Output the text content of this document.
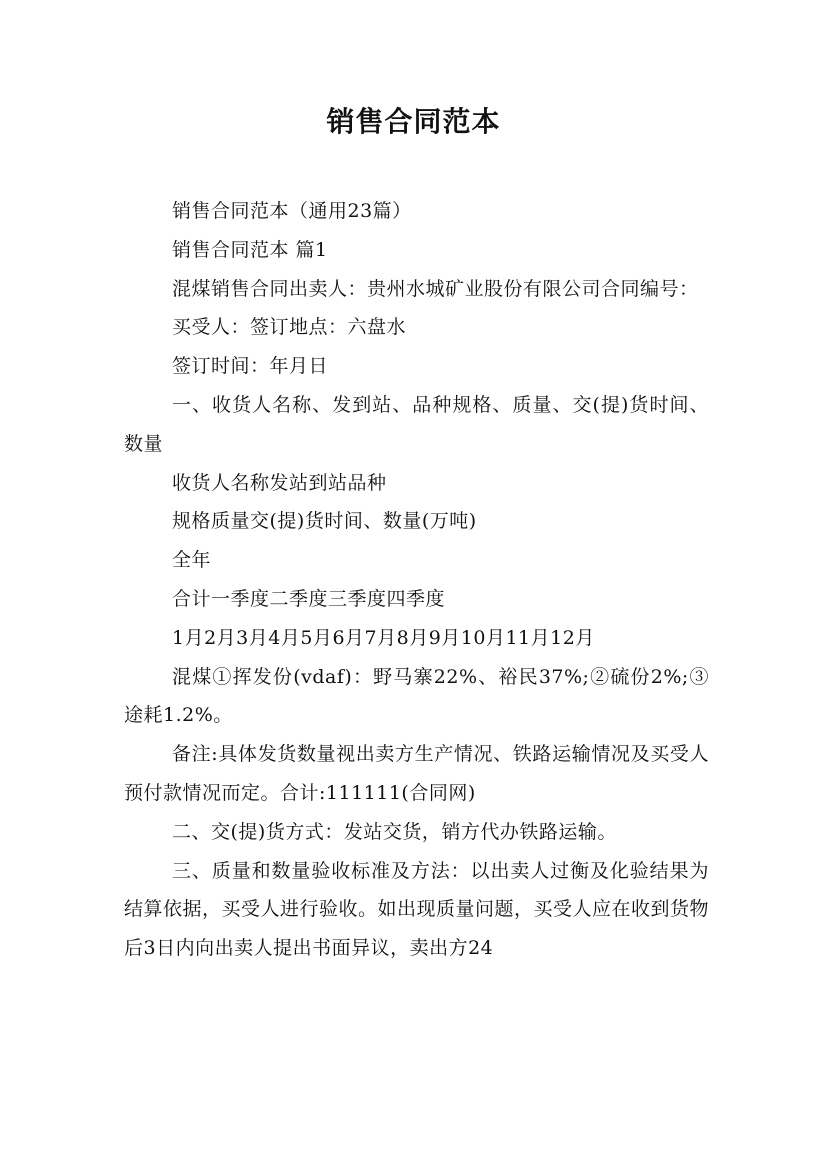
销售合同范本

销售合同范本（通用23篇）

销售合同范本 篇1

混煤销售合同出卖人：贵州水城矿业股份有限公司合同编号：

买受人：签订地点：六盘水

签订时间：年月日

一、收货人名称、发到站、品种规格、质量、交(提)货时间、数量

收货人名称发站到站品种

规格质量交(提)货时间、数量(万吨)

全年

合计一季度二季度三季度四季度

1月2月3月4月5月6月7月8月9月10月11月12月

混煤①挥发份(vdaf)：野马寨22%、裕民37%;②硫份2%;③途耗1.2%。

备注:具体发货数量视出卖方生产情况、铁路运输情况及买受人预付款情况而定。合计:111111(合同网)

二、交(提)货方式：发站交货，销方代办铁路运输。

三、质量和数量验收标准及方法：以出卖人过衡及化验结果为结算依据，买受人进行验收。如出现质量问题，买受人应在收到货物后3日内向出卖人提出书面异议，卖出方24
